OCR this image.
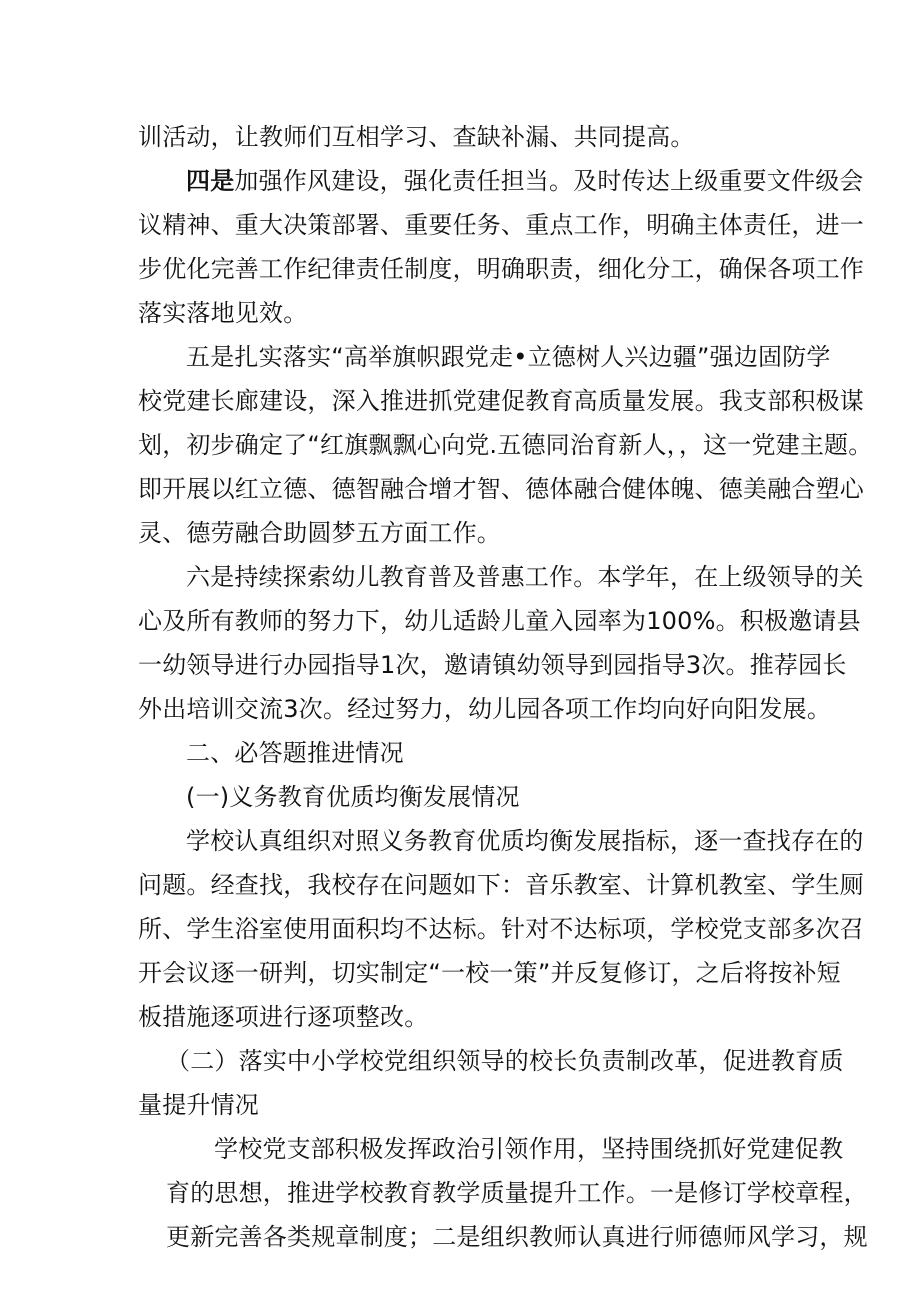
训活动，让教师们互相学习、查缺补漏、共同提高。

四是加强作风建设，强化责任担当。及时传达上级重要文件级会

议精神、重大决策部署、重要任务、重点工作，明确主体责任，进一

步优化完善工作纪律责任制度，明确职责，细化分工，确保各项工作

落实落地见效。

五是扎实落实“高举旗帜跟党走•立德树人兴边疆”强边固防学

校党建长廊建设，深入推进抓党建促教育高质量发展。我支部积极谋

划，初步确定了“红旗飘飘心向党.五德同治育新人，，这一党建主题。

即开展以红立德、德智融合增才智、德体融合健体魄、德美融合塑心

灵、德劳融合助圆梦五方面工作。

六是持续探索幼儿教育普及普惠工作。本学年，在上级领导的关

心及所有教师的努力下，幼儿适龄儿童入园率为100%。积极邀请县

一幼领导进行办园指导1次，邀请镇幼领导到园指导3次。推荐园长

外出培训交流3次。经过努力，幼儿园各项工作均向好向阳发展。

二、必答题推进情况

(一)义务教育优质均衡发展情况

学校认真组织对照义务教育优质均衡发展指标，逐一查找存在的

问题。经查找，我校存在问题如下：音乐教室、计算机教室、学生厕

所、学生浴室使用面积均不达标。针对不达标项，学校党支部多次召

开会议逐一研判，切实制定“一校一策”并反复修订，之后将按补短

板措施逐项进行逐项整改。

（二）落实中小学校党组织领导的校长负责制改革，促进教育质

量提升情况

学校党支部积极发挥政治引领作用，坚持围绕抓好党建促教

育的思想，推进学校教育教学质量提升工作。一是修订学校章程，

更新完善各类规章制度；二是组织教师认真进行师德师风学习，规
